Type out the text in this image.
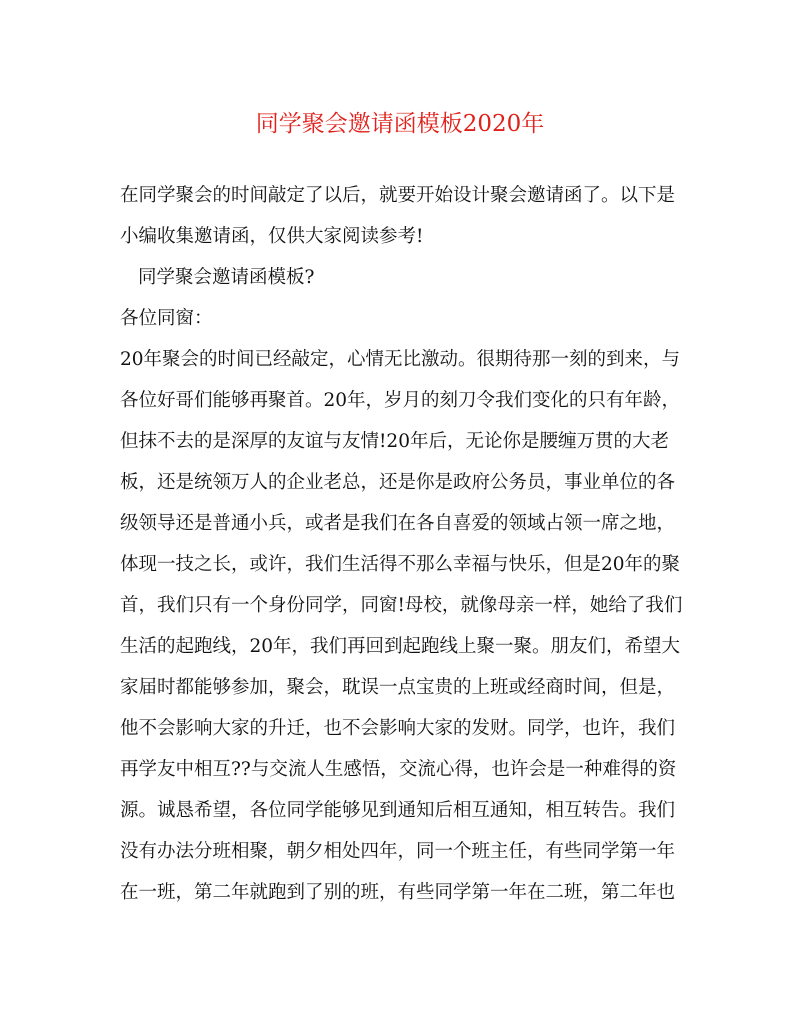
同学聚会邀请函模板2020年

在同学聚会的时间敲定了以后，就要开始设计聚会邀请函了。以下是

小编收集邀请函，仅供大家阅读参考!

同学聚会邀请函模板?

各位同窗：

20年聚会的时间已经敲定，心情无比激动。很期待那一刻的到来，与

各位好哥们能够再聚首。20年，岁月的刻刀令我们变化的只有年龄，

但抹不去的是深厚的友谊与友情!20年后，无论你是腰缠万贯的大老

板，还是统领万人的企业老总，还是你是政府公务员，事业单位的各

级领导还是普通小兵，或者是我们在各自喜爱的领域占领一席之地，

体现一技之长，或许，我们生活得不那么幸福与快乐，但是20年的聚

首，我们只有一个身份同学，同窗!母校，就像母亲一样，她给了我们

生活的起跑线，20年，我们再回到起跑线上聚一聚。朋友们，希望大

家届时都能够参加，聚会，耽误一点宝贵的上班或经商时间，但是，

他不会影响大家的升迁，也不会影响大家的发财。同学，也许，我们

再学友中相互??与交流人生感悟，交流心得，也许会是一种难得的资

源。诚恳希望，各位同学能够见到通知后相互通知，相互转告。我们

没有办法分班相聚，朝夕相处四年，同一个班主任，有些同学第一年

在一班，第二年就跑到了别的班，有些同学第一年在二班，第二年也
